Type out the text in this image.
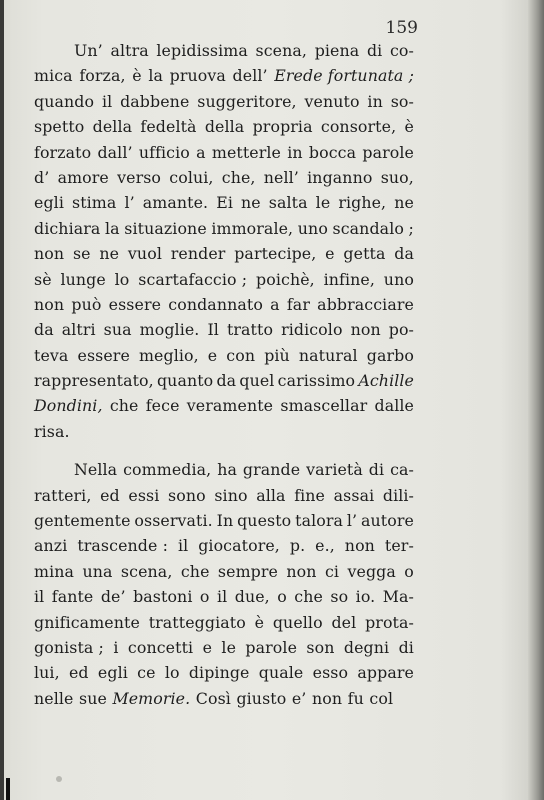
159
Un’ altra lepidissima scena, piena di co-
mica forza, è la pruova dell’ Erede fortunata ;
quando il dabbene suggeritore, venuto in so-
spetto della fedeltà della propria consorte, è
forzato dall’ ufficio a metterle in bocca parole
d’ amore verso colui, che, nell’ inganno suo,
egli stima l’ amante. Ei ne salta le righe, ne
dichiara la situazione immorale, uno scandalo ;
non se ne vuol render partecipe, e getta da
sè lunge lo scartafaccio ; poichè, infine, uno
non può essere condannato a far abbracciare
da altri sua moglie. Il tratto ridicolo non po-
teva essere meglio, e con più natural garbo
rappresentato, quanto da quel carissimo Achille
Dondini, che fece veramente smascellar dalle
risa.
Nella commedia, ha grande varietà di ca-
ratteri, ed essi sono sino alla fine assai dili-
gentemente osservati. In questo talora l’ autore
anzi trascende : il giocatore, p. e., non ter-
mina una scena, che sempre non ci vegga o
il fante de’ bastoni o il due, o che so io. Ma-
gnificamente tratteggiato è quello del prota-
gonista ; i concetti e le parole son degni di
lui, ed egli ce lo dipinge quale esso appare
nelle sue Memorie. Così giusto e’ non fu col
